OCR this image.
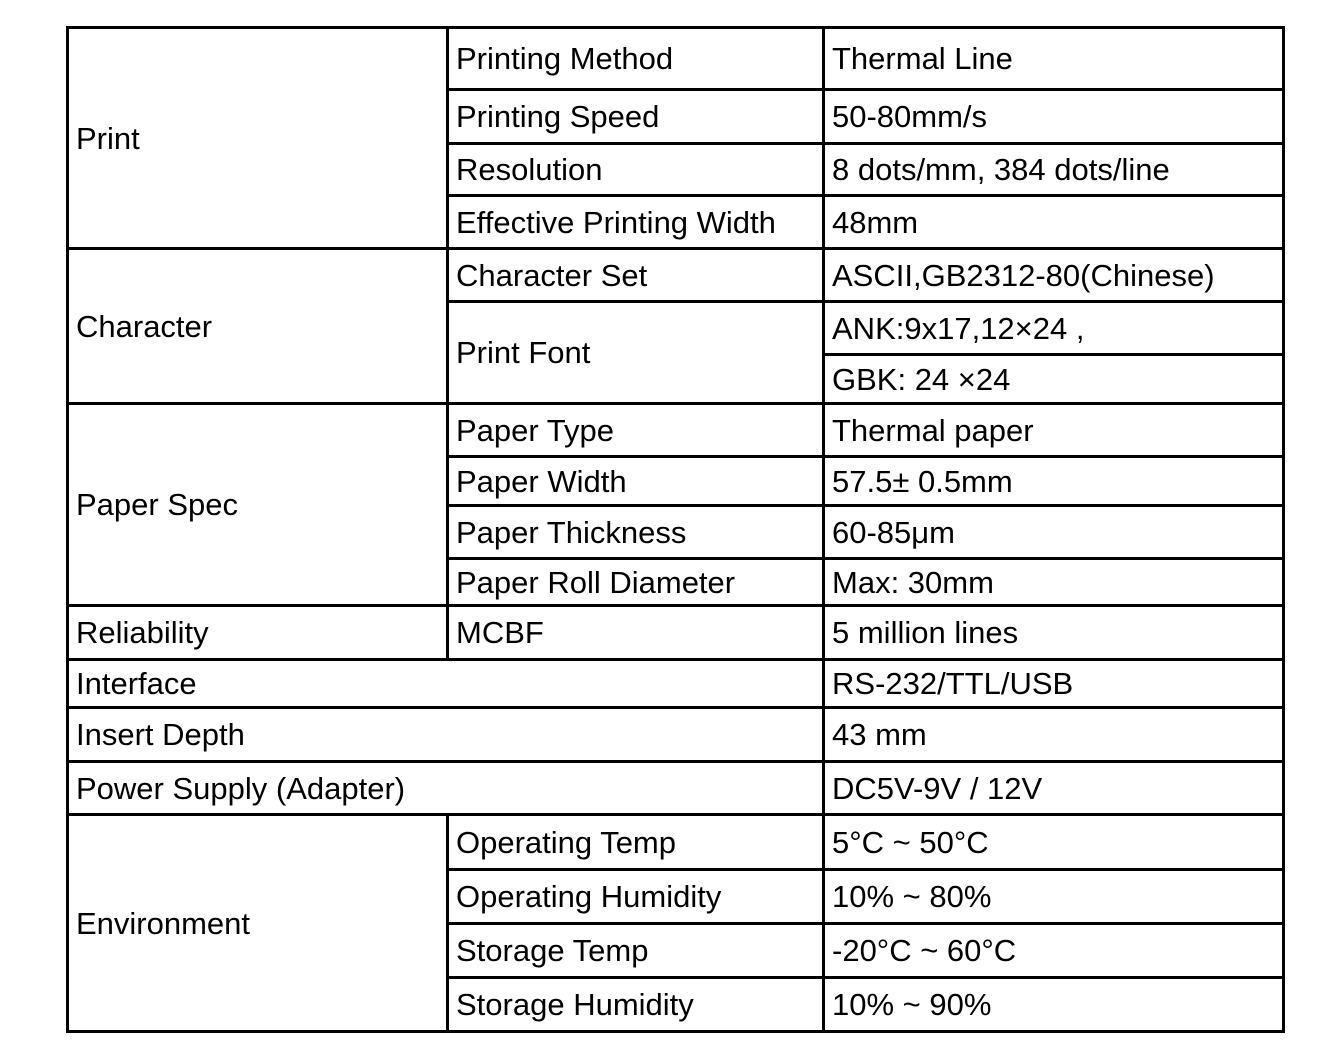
Print	Printing Method	Thermal Line
	Printing Speed	50-80mm/s
	Resolution	8 dots/mm, 384 dots/line
	Effective Printing Width	48mm
Character	Character Set	ASCII,GB2312-80(Chinese)
	Print Font	ANK:9x17,12×24 ,
		GBK: 24 ×24
Paper Spec	Paper Type	Thermal paper
	Paper Width	57.5± 0.5mm
	Paper Thickness	60-85μm
	Paper Roll Diameter	Max: 30mm
Reliability	MCBF	5 million lines
Interface		RS-232/TTL/USB
Insert Depth		43 mm
Power Supply (Adapter)		DC5V-9V / 12V
Environment	Operating Temp	5°C ~ 50°C
	Operating Humidity	10% ~ 80%
	Storage Temp	-20°C ~ 60°C
	Storage Humidity	10% ~ 90%
